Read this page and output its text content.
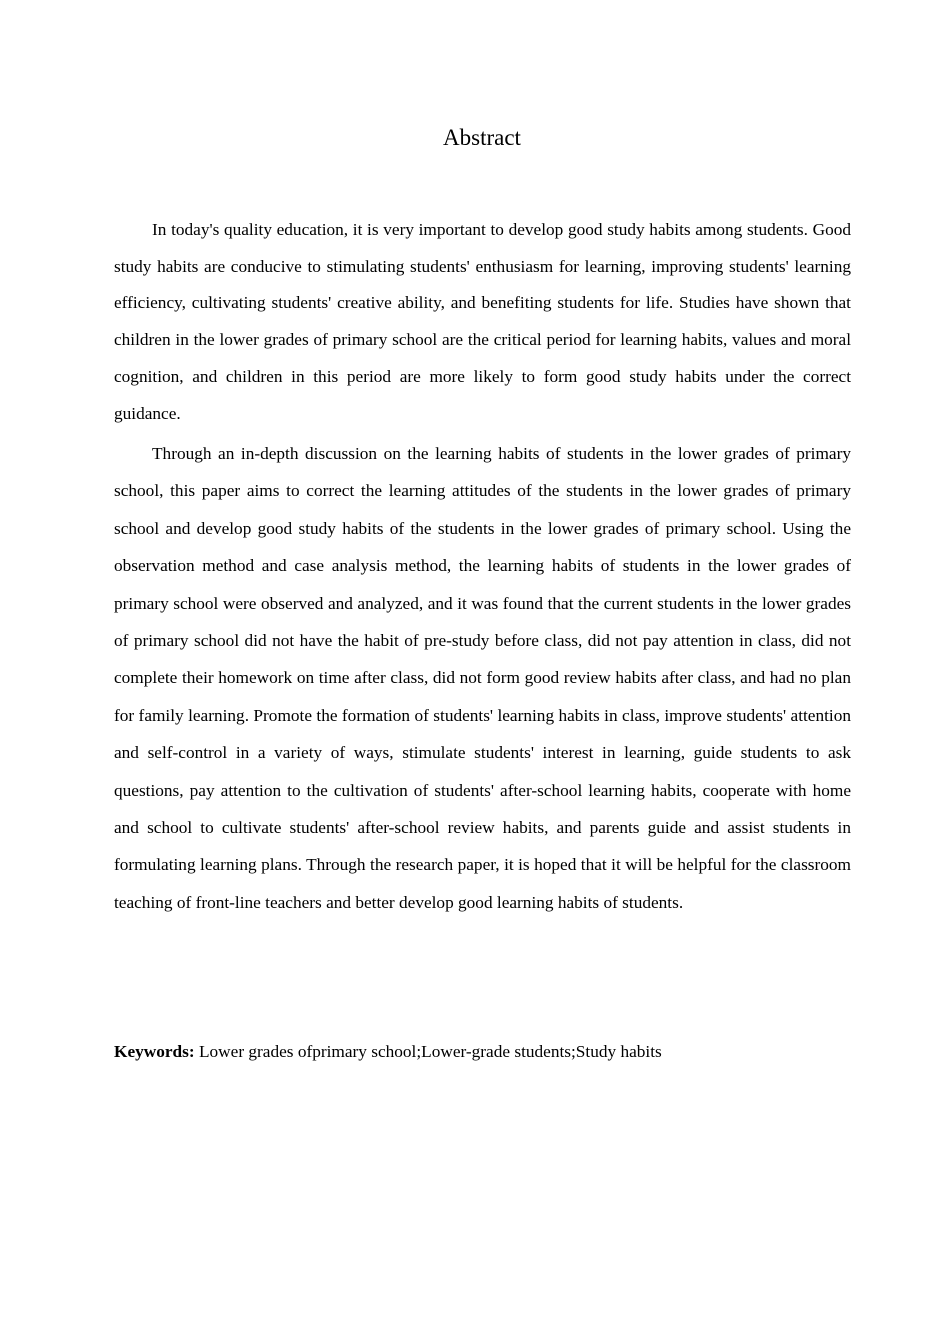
Abstract

In today's quality education, it is very important to develop good study habits among students. Good study habits are conducive to stimulating students' enthusiasm for learning, improving students' learning efficiency, cultivating students' creative ability, and benefiting students for life. Studies have shown that children in the lower grades of primary school are the critical period for learning habits, values and moral cognition, and children in this period are more likely to form good study habits under the correct guidance.

Through an in-depth discussion on the learning habits of students in the lower grades of primary school, this paper aims to correct the learning attitudes of the students in the lower grades of primary school and develop good study habits of the students in the lower grades of primary school. Using the observation method and case analysis method, the learning habits of students in the lower grades of primary school were observed and analyzed, and it was found that the current students in the lower grades of primary school did not have the habit of pre-study before class, did not pay attention in class, did not complete their homework on time after class, did not form good review habits after class, and had no plan for family learning. Promote the formation of students' learning habits in class, improve students' attention and self-control in a variety of ways, stimulate students' interest in learning, guide students to ask questions, pay attention to the cultivation of students' after-school learning habits, cooperate with home and school to cultivate students' after-school review habits, and parents guide and assist students in formulating learning plans. Through the research paper, it is hoped that it will be helpful for the classroom teaching of front-line teachers and better develop good learning habits of students.

Keywords: Lower grades ofprimary school;Lower-grade students;Study habits
